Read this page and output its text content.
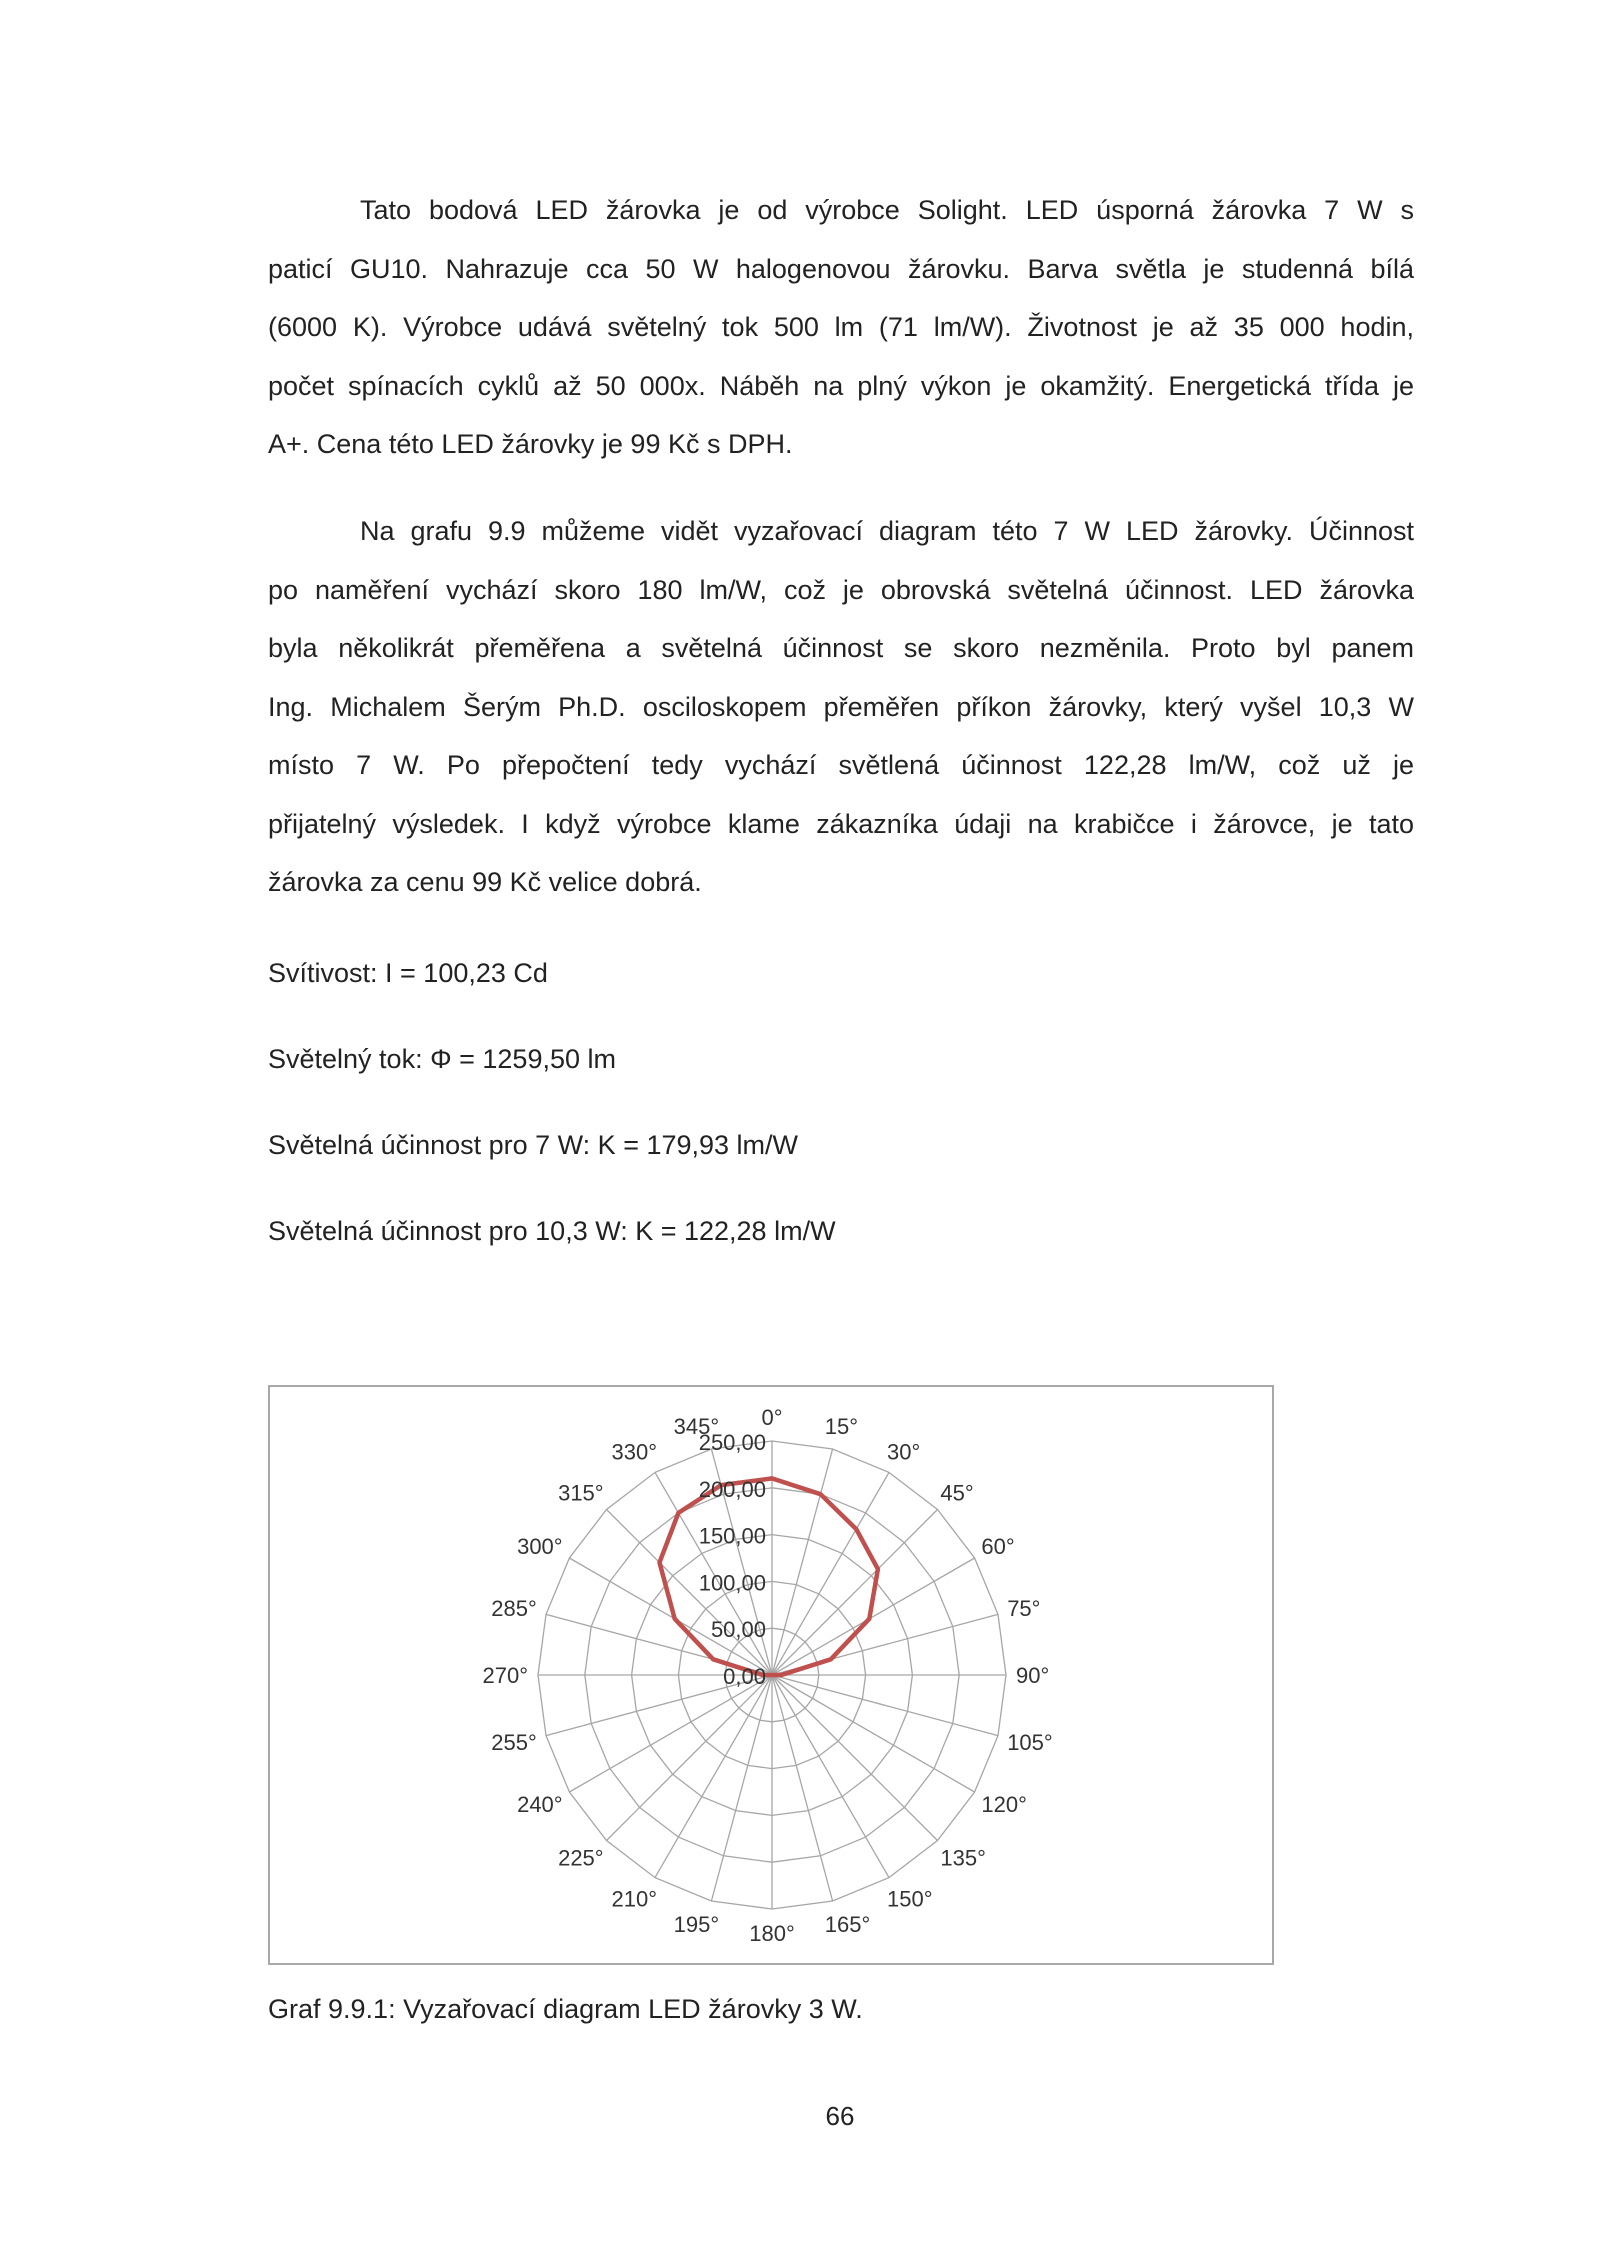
Tato bodová LED žárovka je od výrobce Solight. LED úsporná žárovka 7 W s
paticí GU10. Nahrazuje cca 50 W halogenovou žárovku. Barva světla je studenná bílá
(6000 K). Výrobce udává světelný tok 500 lm (71 lm/W). Životnost je až 35 000 hodin,
počet spínacích cyklů až 50 000x. Náběh na plný výkon je okamžitý. Energetická třída je
A+. Cena této LED žárovky je 99 Kč s DPH.
Na grafu 9.9 můžeme vidět vyzařovací diagram této 7 W LED žárovky. Účinnost
po naměření vychází skoro 180 lm/W, což je obrovská světelná účinnost. LED žárovka
byla několikrát přeměřena a světelná účinnost se skoro nezměnila. Proto byl panem
Ing. Michalem Šerým Ph.D. osciloskopem přeměřen příkon žárovky, který vyšel 10,3 W
místo 7 W. Po přepočtení tedy vychází světlená účinnost 122,28 lm/W, což už je
přijatelný výsledek. I když výrobce klame zákazníka údaji na krabičce i žárovce, je tato
žárovka za cenu 99 Kč velice dobrá.

Svítivost: I = 100,23 Cd

Světelný tok: Φ = 1259,50 lm

Světelná účinnost pro 7 W: K = 179,93 lm/W

Světelná účinnost pro 10,3 W: K = 122,28 lm/W

0,00
50,00
100,00
150,00
200,00
250,00
0° 15°
30°
45°
60°
75°
90°
105°
120°
135°
150°
165°
180°
195°
210°
225°
240°
255°
270°
285°
300°
315°
330°
345°

Graf 9.9.1: Vyzařovací diagram LED žárovky 3 W.

66
